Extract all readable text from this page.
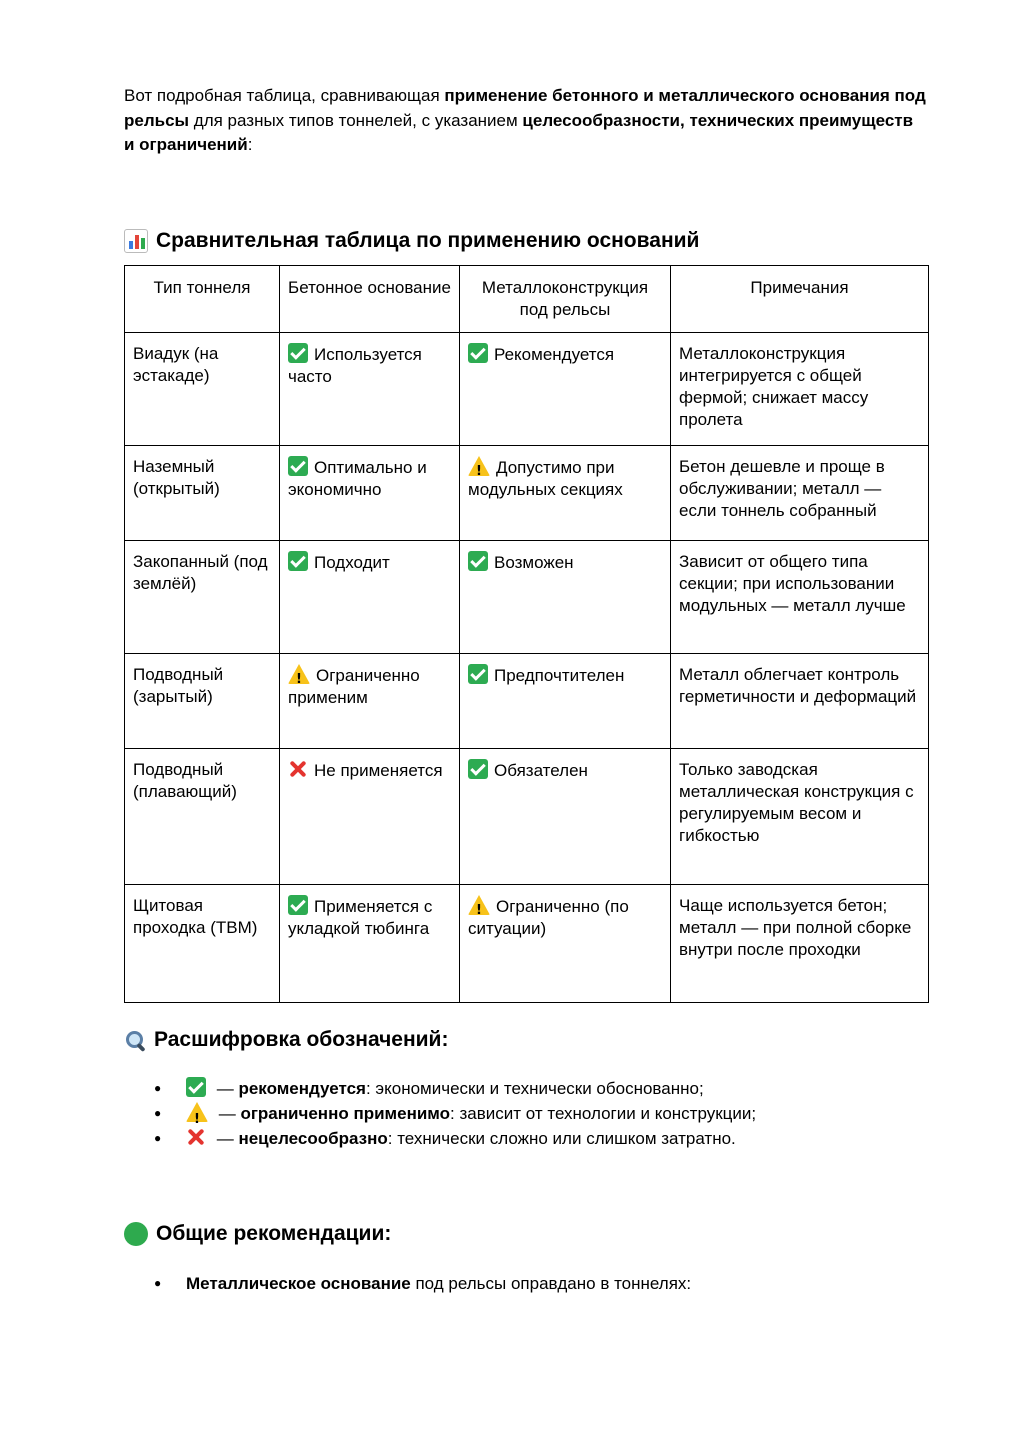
Вот подробная таблица, сравнивающая применение бетонного и металлического основания под рельсы для разных типов тоннелей, с указанием целесообразности, технических преимуществ и ограничений:

Сравнительная таблица по применению оснований
Тип тоннеля	Бетонное основание	Металлоконструкция под рельсы	Примечания
Виадук (на эстакаде)	Используется часто	Рекомендуется	Металлоконструкция интегрируется с общей фермой; снижает массу пролета
Наземный (открытый)	Оптимально и экономично	!Допустимо при модульных секциях	Бетон дешевле и проще в обслуживании; металл — если тоннель собранный
Закопанный (под землёй)	Подходит	Возможен	Зависит от общего типа секции; при использовании модульных — металл лучше
Подводный (зарытый)	!Ограниченно применим	Предпочтителен	Металл облегчает контроль герметичности и деформаций
Подводный (плавающий)	Не применяется	Обязателен	Только заводская металлическая конструкция с регулируемым весом и гибкостью
Щитовая проходка (TBM)	Применяется с укладкой тюбинга	!Ограниченно (по ситуации)	Чаще используется бетон; металл — при полной сборке внутри после проходки
Расшифровка обозначений:
● — рекомендуется: экономически и технически обоснованно;
!● — ограниченно применимо: зависит от технологии и конструкции;
● — нецелесообразно: технически сложно или слишком затратно.
Общие рекомендации:
● Металлическое основание под рельсы оправдано в тоннелях:
